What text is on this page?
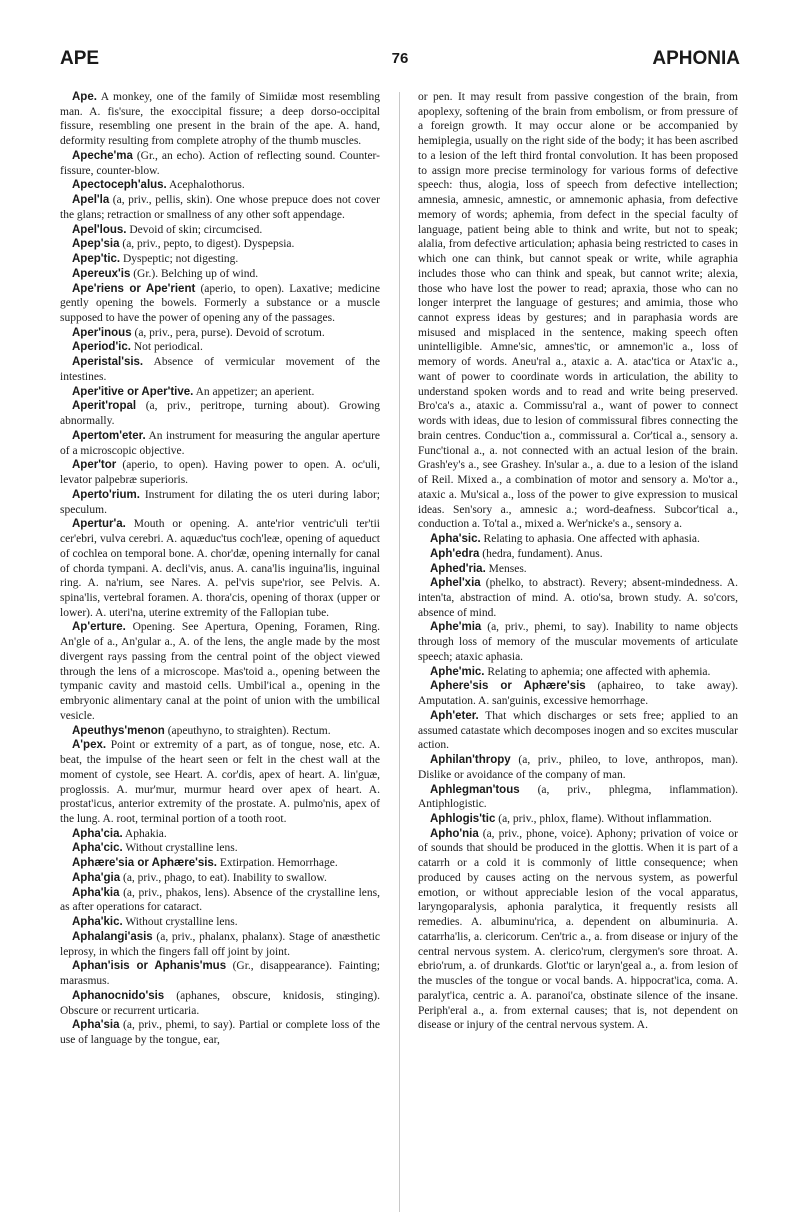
APE	76	APHONIA

Ape. A monkey, one of the family of Simiidæ most resembling man. A. fis'sure, the exoccipital fissure; a deep dorso-occipital fissure, resembling one present in the brain of the ape. A. hand, deformity resulting from complete atrophy of the thumb muscles.

Apeche'ma (Gr., an echo). Action of reflecting sound. Counter-fissure, counter-blow.

Apectoceph'alus. Acephalothorus.

Apel'la (a, priv., pellis, skin). One whose prepuce does not cover the glans; retraction or smallness of any other soft appendage.

Apel'lous. Devoid of skin; circumcised.

Apep'sia (a, priv., pepto, to digest). Dyspepsia.

Apep'tic. Dyspeptic; not digesting.

Apereux'is (Gr.). Belching up of wind.

Ape'riens or Ape'rient (aperio, to open). Laxative; medicine gently opening the bowels. Formerly a substance or a muscle supposed to have the power of opening any of the passages.

Aper'inous (a, priv., pera, purse). Devoid of scrotum.

Aperiod'ic. Not periodical.

Aperistal'sis. Absence of vermicular movement of the intestines.

Aper'itive or Aper'tive. An appetizer; an aperient.

Aperit'ropal (a, priv., peritrope, turning about). Growing abnormally.

Apertom'eter. An instrument for measuring the angular aperture of a microscopic objective.

Aper'tor (aperio, to open). Having power to open. A. oc'uli, levator palpebræ superioris.

Aperto'rium. Instrument for dilating the os uteri during labor; speculum.

Apertur'a. Mouth or opening. A. ante'rior ventric'uli ter'tii cer'ebri, vulva cerebri. A. aquæduc'tus coch'leæ, opening of aqueduct of cochlea on temporal bone. A. chor'dæ, opening internally for canal of chorda tympani. A. decli'vis, anus. A. cana'lis inguina'lis, inguinal ring. A. na'rium, see Nares. A. pel'vis supe'rior, see Pelvis. A. spina'lis, vertebral foramen. A. thora'cis, opening of thorax (upper or lower). A. uteri'na, uterine extremity of the Fallopian tube.

Ap'erture. Opening. See Apertura, Opening, Foramen, Ring. An'gle of a., An'gular a., A. of the lens, the angle made by the most divergent rays passing from the central point of the object viewed through the lens of a microscope. Mas'toid a., opening between the tympanic cavity and mastoid cells. Umbil'ical a., opening in the embryonic alimentary canal at the point of union with the umbilical vesicle.

Apeuthys'menon (apeuthyno, to straighten). Rectum.

A'pex. Point or extremity of a part, as of tongue, nose, etc. A. beat, the impulse of the heart seen or felt in the chest wall at the moment of cystole, see Heart. A. cor'dis, apex of heart. A. lin'guæ, proglossis. A. mur'mur, murmur heard over apex of heart. A. prostat'icus, anterior extremity of the prostate. A. pulmo'nis, apex of the lung. A. root, terminal portion of a tooth root.

Apha'cia. Aphakia.

Apha'cic. Without crystalline lens.

Aphære'sia or Aphære'sis. Extirpation. Hemorrhage.

Apha'gia (a, priv., phago, to eat). Inability to swallow.

Apha'kia (a, priv., phakos, lens). Absence of the crystalline lens, as after operations for cataract.

Apha'kic. Without crystalline lens.

Aphalangi'asis (a, priv., phalanx, phalanx). Stage of anæsthetic leprosy, in which the fingers fall off joint by joint.

Aphan'isis or Aphanis'mus (Gr., disappearance). Fainting; marasmus.

Aphanocnido'sis (aphanes, obscure, knidosis, stinging). Obscure or recurrent urticaria.

Apha'sia (a, priv., phemi, to say). Partial or complete loss of the use of language by the tongue, ear,

or pen. It may result from passive congestion of the brain, from apoplexy, softening of the brain from embolism, or from pressure of a foreign growth. It may occur alone or be accompanied by hemiplegia, usually on the right side of the body; it has been ascribed to a lesion of the left third frontal convolution. It has been proposed to assign more precise terminology for various forms of defective speech: thus, alogia, loss of speech from defective intellection; amnesia, amnesic, amnestic, or amnemonic aphasia, from defective memory of words; aphemia, from defect in the special faculty of language, patient being able to think and write, but not to speak; alalia, from defective articulation; aphasia being restricted to cases in which one can think, but cannot speak or write, while agraphia includes those who can think and speak, but cannot write; alexia, those who have lost the power to read; apraxia, those who can no longer interpret the language of gestures; and amimia, those who cannot express ideas by gestures; and in paraphasia words are misused and misplaced in the sentence, making speech often unintelligible. Amne'sic, amnes'tic, or amnemon'ic a., loss of memory of words. Aneu'ral a., ataxic a. A. atac'tica or Atax'ic a., want of power to coordinate words in articulation, the ability to understand spoken words and to read and write being preserved. Bro'ca's a., ataxic a. Commissu'ral a., want of power to connect words with ideas, due to lesion of commissural fibres connecting the brain centres. Conduc'tion a., commissural a. Cor'tical a., sensory a. Func'tional a., a. not connected with an actual lesion of the brain. Grash'ey's a., see Grashey. In'sular a., a. due to a lesion of the island of Reil. Mixed a., a combination of motor and sensory a. Mo'tor a., ataxic a. Mu'sical a., loss of the power to give expression to musical ideas. Sen'sory a., amnesic a.; word-deafness. Subcor'tical a., conduction a. To'tal a., mixed a. Wer'nicke's a., sensory a.

Apha'sic. Relating to aphasia. One affected with aphasia.

Aph'edra (hedra, fundament). Anus.

Aphed'ria. Menses.

Aphel'xia (phelko, to abstract). Revery; absent-mindedness. A. inten'ta, abstraction of mind. A. otio'sa, brown study. A. so'cors, absence of mind.

Aphe'mia (a, priv., phemi, to say). Inability to name objects through loss of memory of the muscular movements of articulate speech; ataxic aphasia.

Aphe'mic. Relating to aphemia; one affected with aphemia.

Aphere'sis or Aphære'sis (aphaireo, to take away). Amputation. A. san'guinis, excessive hemorrhage.

Aph'eter. That which discharges or sets free; applied to an assumed catastate which decomposes inogen and so excites muscular action.

Aphilan'thropy (a, priv., phileo, to love, anthropos, man). Dislike or avoidance of the company of man.

Aphlegman'tous (a, priv., phlegma, inflammation). Antiphlogistic.

Aphlogis'tic (a, priv., phlox, flame). Without inflammation.

Apho'nia (a, priv., phone, voice). Aphony; privation of voice or of sounds that should be produced in the glottis. When it is part of a catarrh or a cold it is commonly of little consequence; when produced by causes acting on the nervous system, as powerful emotion, or without appreciable lesion of the vocal apparatus, laryngoparalysis, aphonia paralytica, it frequently resists all remedies. A. albuminu'rica, a. dependent on albuminuria. A. catarrha'lis, a. clericorum. Cen'tric a., a. from disease or injury of the central nervous system. A. clerico'rum, clergymen's sore throat. A. ebrio'rum, a. of drunkards. Glot'tic or laryn'geal a., a. from lesion of the muscles of the tongue or vocal bands. A. hippocrat'ica, coma. A. paralyt'ica, centric a. A. paranoi'ca, obstinate silence of the insane. Periph'eral a., a. from external causes; that is, not dependent on disease or injury of the central nervous system. A.
